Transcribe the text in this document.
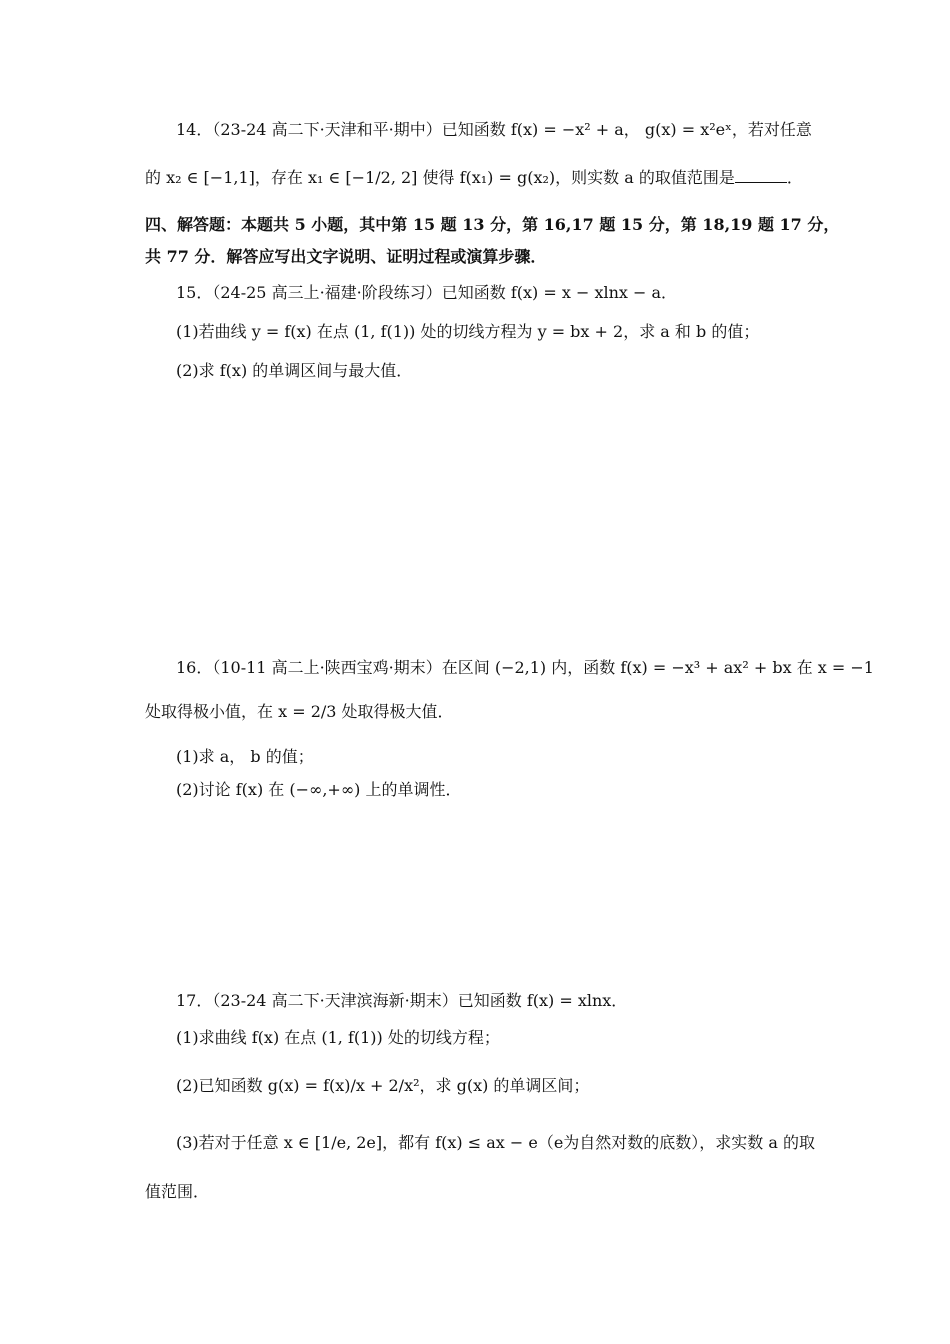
14．（23-24 高二下·天津和平·期中）已知函数 f(x) = −x² + a， g(x) = x²eˣ，若对任意
的 x₂ ∈ [−1,1]，存在 x₁ ∈ [−1/2, 2] 使得 f(x₁) = g(x₂)，则实数 a 的取值范围是	．
四、解答题：本题共 5 小题，其中第 15 题 13 分，第 16,17 题 15 分，第 18,19 题 17 分，
共 77 分．解答应写出文字说明、证明过程或演算步骤．
15．（24-25 高三上·福建·阶段练习）已知函数 f(x) = x − xlnx − a．
(1)若曲线 y = f(x) 在点 (1, f(1)) 处的切线方程为 y = bx + 2，求 a 和 b 的值；
(2)求 f(x) 的单调区间与最大值．
16．（10-11 高二上·陕西宝鸡·期末）在区间 (−2,1) 内，函数 f(x) = −x³ + ax² + bx 在 x = −1
处取得极小值，在 x = 2/3 处取得极大值．
(1)求 a， b 的值；
(2)讨论 f(x) 在 (−∞,+∞) 上的单调性．
17．（23-24 高二下·天津滨海新·期末）已知函数 f(x) = xlnx．
(1)求曲线 f(x) 在点 (1, f(1)) 处的切线方程；
(2)已知函数 g(x) = f(x)/x + 2/x²，求 g(x) 的单调区间；
(3)若对于任意 x ∈ [1/e, 2e]，都有 f(x) ≤ ax − e（e为自然对数的底数），求实数 a 的取
值范围．
